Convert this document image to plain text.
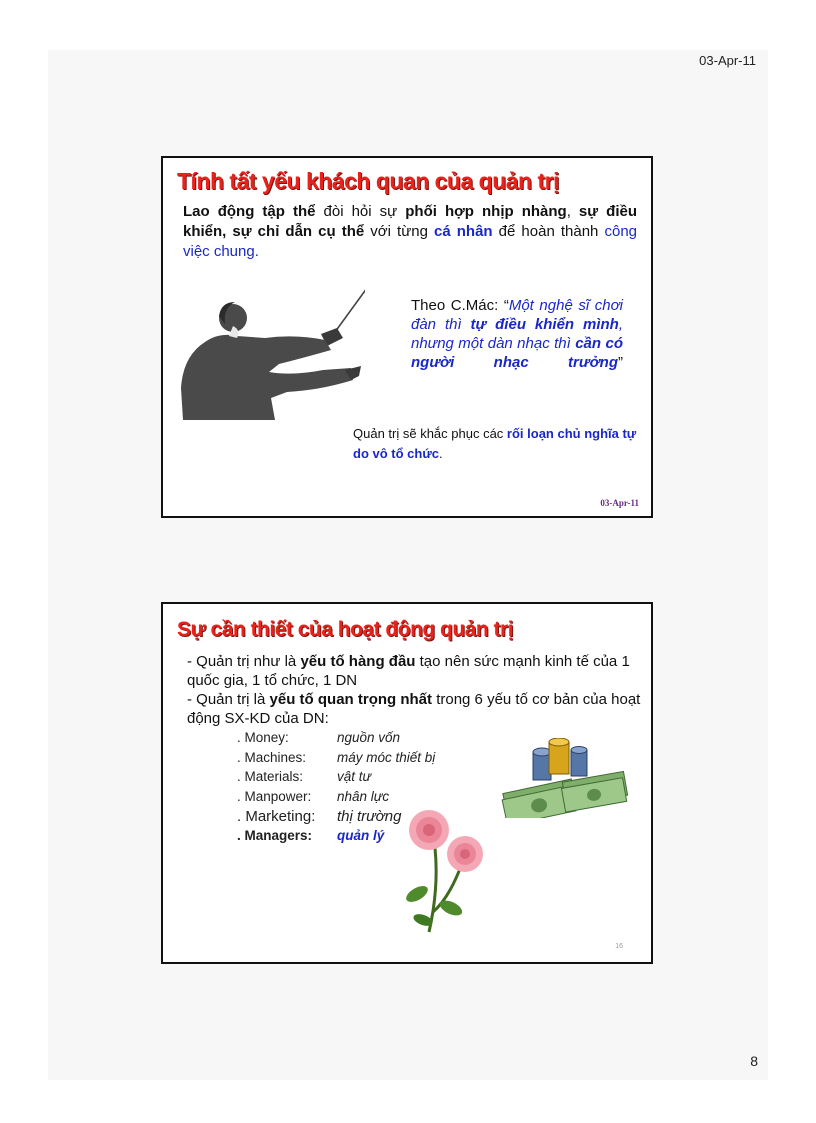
03-Apr-11
Tính tất yếu khách quan của quản trị

Lao động tập thể đòi hỏi sự phối hợp nhịp nhàng, sự điều khiển, sự chỉ dẫn cụ thể với từng cá nhân để hoàn thành công việc chung.

Theo C.Mác: “Một nghệ sĩ chơi đàn thì tự điều khiển mình, nhưng một dàn nhạc thì cần có người nhạc trưởng”

Quản trị sẽ khắc phục các rối loạn chủ nghĩa tự do vô tổ chức.

03-Apr-11
Sự cần thiết của hoạt động quản trị
- Quản trị như là yếu tố hàng đầu tạo nên sức mạnh kinh tế của 1 quốc gia, 1 tổ chức, 1 DN
- Quản trị là yếu tố quan trọng nhất trong 6 yếu tố cơ bản của hoạt động SX-KD của DN:
. Money:	nguồn vốn
. Machines:	máy móc thiết bị
. Materials:	vật tư
. Manpower:	nhân lực
. Marketing:	thị trường
. Managers:	quản lý
16
8
